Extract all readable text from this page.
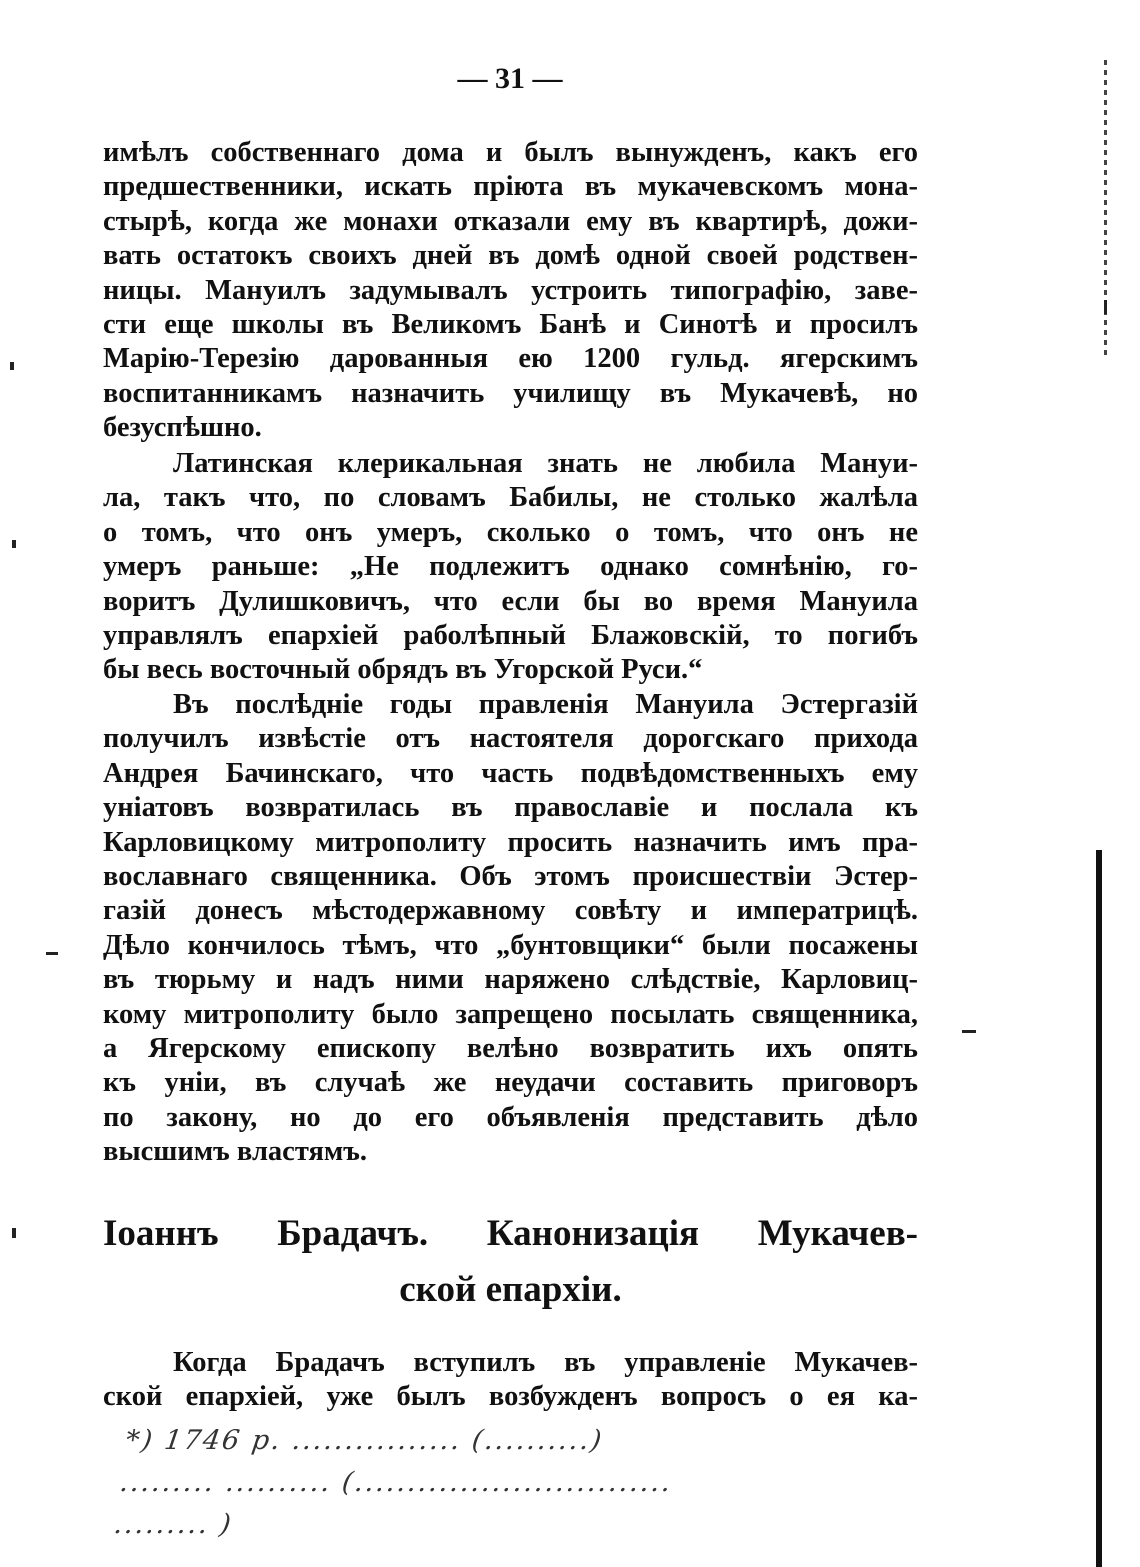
— 31 —
имѣлъ собственнаго дома и былъ вынужденъ, какъ его
предшественники, искать пріюта въ мукачевскомъ мона-
стырѣ, когда же монахи отказали ему въ квартирѣ, дожи-
вать остатокъ своихъ дней въ домѣ одной своей родствен-
ницы. Мануилъ задумывалъ устроить типографію, заве-
сти еще школы въ Великомъ Банѣ и Синотѣ и просилъ
Марію-Терезію дарованныя ею 1200 гульд. ягерскимъ
воспитанникамъ назначить училищу въ Мукачевѣ, но
безуспѣшно.
Латинская клерикальная знать не любила Мануи-
ла, такъ что, по словамъ Бабилы, не столько жалѣла
о томъ, что онъ умеръ, сколько о томъ, что онъ не
умеръ раньше: „Не подлежитъ однако сомнѣнію, го-
воритъ Дулишковичъ, что если бы во время Мануила
управлялъ епархіей раболѣпный Блажовскій, то погибъ
бы весь восточный обрядъ въ Угорской Руси.“
Въ послѣдніе годы правленія Мануила Эстергазій
получилъ извѣстіе отъ настоятеля дорогскаго прихода
Андрея Бачинскаго, что часть подвѣдомственныхъ ему
уніатовъ возвратилась въ православіе и послала къ
Карловицкому митрополиту просить назначить имъ пра-
вославнаго священника. Объ этомъ происшествіи Эстер-
газій донесъ мѣстодержавному совѣту и императрицѣ.
Дѣло кончилось тѣмъ, что „бунтовщики“ были посажены
въ тюрьму и надъ ними наряжено слѣдствіе, Карловиц-
кому митрополиту было запрещено посылать священника,
а Ягерскому епископу велѣно возвратить ихъ опять
къ уніи, въ случаѣ же неудачи составить приговоръ
по закону, но до его объявленія представить дѣло
высшимъ властямъ.
Іоаннъ Брадачъ. Канонизація Мукачев-
ской епархіи.
Когда Брадачъ вступилъ въ управленіе Мукачев-
ской епархіей, уже былъ возбужденъ вопросъ о ея ка-
*) 1746 р. ................ (..........)
......... .......... (..............................
......... )
